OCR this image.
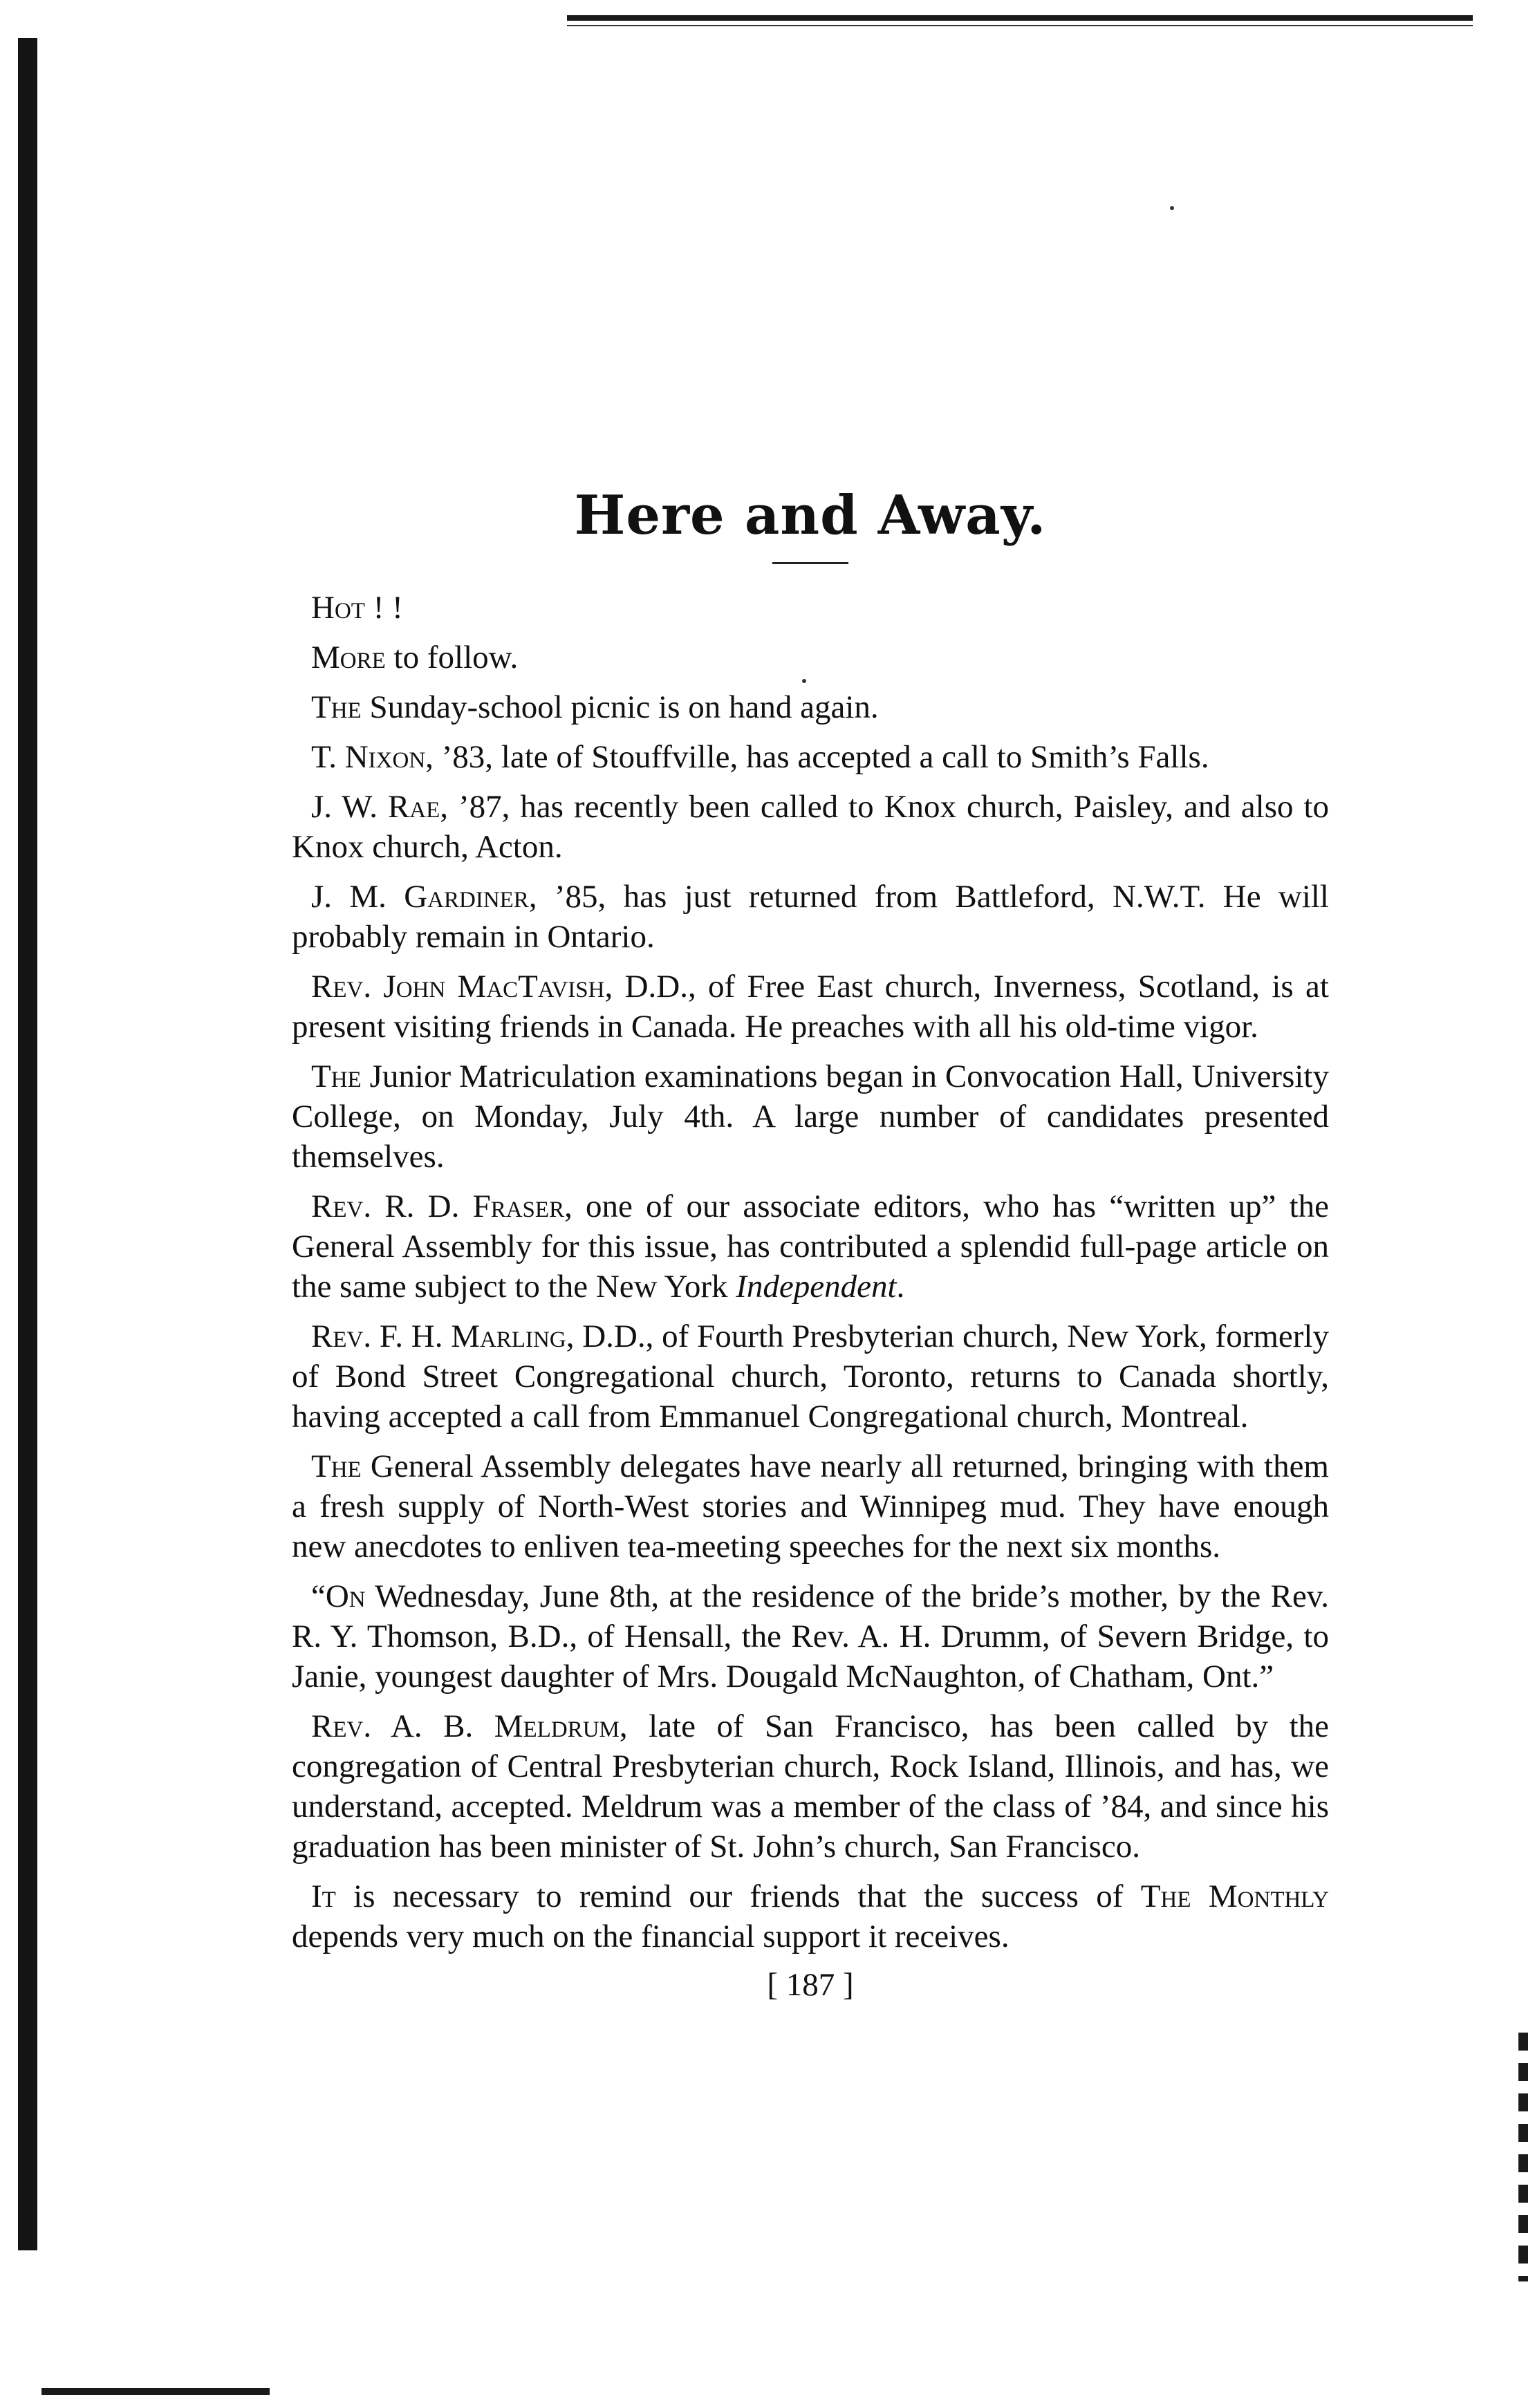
Here and Away.

Hot ! !

More to follow.

The Sunday-school picnic is on hand again.

T. Nixon, ’83, late of Stouffville, has accepted a call to Smith’s Falls.

J. W. Rae, ’87, has recently been called to Knox church, Paisley, and also to Knox church, Acton.

J. M. Gardiner, ’85, has just returned from Battleford, N.W.T. He will probably remain in Ontario.

Rev. John MacTavish, D.D., of Free East church, Inverness, Scotland, is at present visiting friends in Canada. He preaches with all his old-time vigor.

The Junior Matriculation examinations began in Convocation Hall, University College, on Monday, July 4th. A large number of candidates presented themselves.

Rev. R. D. Fraser, one of our associate editors, who has “written up” the General Assembly for this issue, has contributed a splendid full-page article on the same subject to the New York Independent.

Rev. F. H. Marling, D.D., of Fourth Presbyterian church, New York, formerly of Bond Street Congregational church, Toronto, returns to Canada shortly, having accepted a call from Emmanuel Congregational church, Montreal.

The General Assembly delegates have nearly all returned, bringing with them a fresh supply of North-West stories and Winnipeg mud. They have enough new anecdotes to enliven tea-meeting speeches for the next six months.

“On Wednesday, June 8th, at the residence of the bride’s mother, by the Rev. R. Y. Thomson, B.D., of Hensall, the Rev. A. H. Drumm, of Severn Bridge, to Janie, youngest daughter of Mrs. Dougald McNaughton, of Chatham, Ont.”

Rev. A. B. Meldrum, late of San Francisco, has been called by the congregation of Central Presbyterian church, Rock Island, Illinois, and has, we understand, accepted. Meldrum was a member of the class of ’84, and since his graduation has been minister of St. John’s church, San Francisco.

It is necessary to remind our friends that the success of The Monthly depends very much on the financial support it receives.

[ 187 ]
